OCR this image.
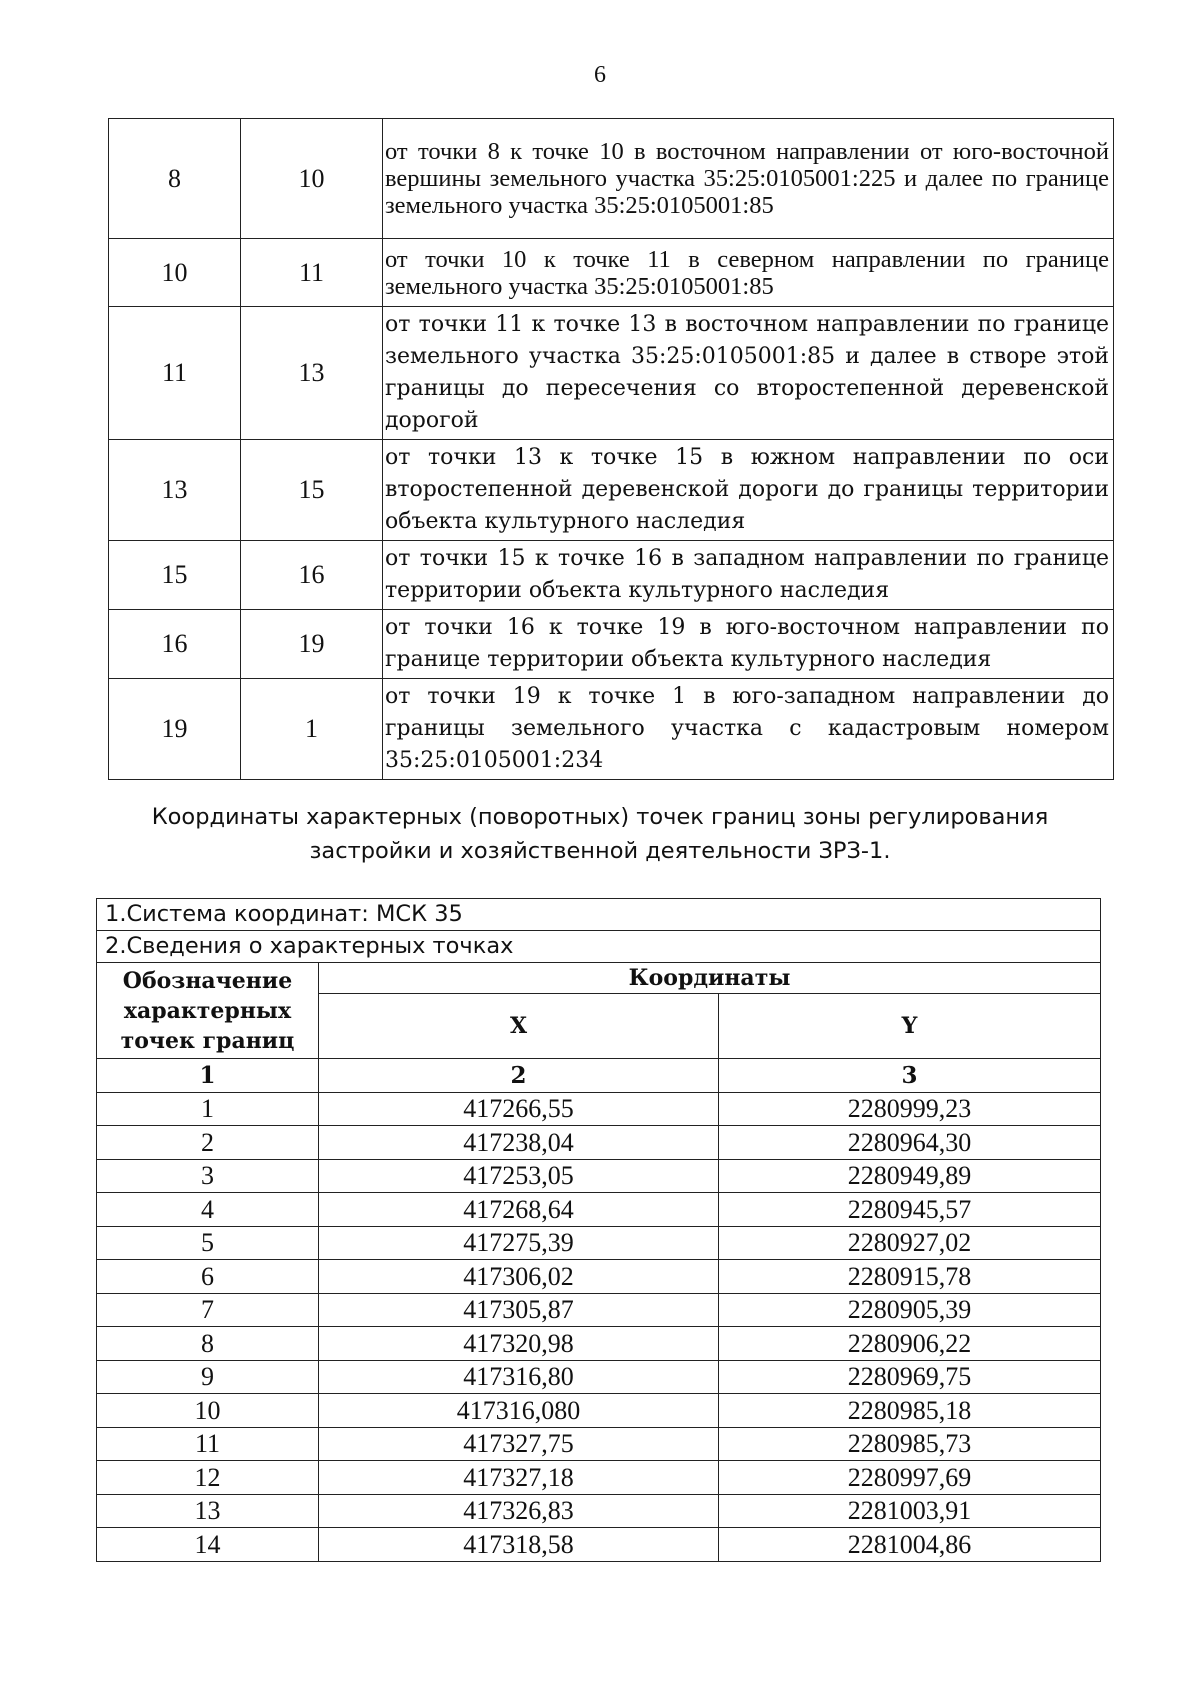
6
8	10	от точки 8 к точке 10 в восточном направлении от юго-восточной вершины земельного участка 35:25:0105001:225 и далее по границе земельного участка 35:25:0105001:85
10	11	от точки 10 к точке 11 в северном направлении по границе земельного участка 35:25:0105001:85
11	13	от точки 11 к точке 13 в восточном направлении по границе земельного участка 35:25:0105001:85 и далее в створе этой границы до пересечения со второстепенной деревенской дорогой
13	15	от точки 13 к точке 15 в южном направлении по оси второстепенной деревенской дороги до границы территории объекта культурного наследия
15	16	от точки 15 к точке 16 в западном направлении по границе территории объекта культурного наследия
16	19	от точки 16 к точке 19 в юго-восточном направлении по границе территории объекта культурного наследия
19	1	от точки 19 к точке 1 в юго-западном направлении до границы земельного участка с кадастровым номером 35:25:0105001:234
Координаты характерных (поворотных) точек границ зоны регулирования
застройки и хозяйственной деятельности ЗРЗ-1.
1.Система координат: МСК 35		
2.Сведения о характерных точках		
Обозначение характерных точек границ	Координаты	
	X	Y
1	2	3
1	417266,55	2280999,23
2	417238,04	2280964,30
3	417253,05	2280949,89
4	417268,64	2280945,57
5	417275,39	2280927,02
6	417306,02	2280915,78
7	417305,87	2280905,39
8	417320,98	2280906,22
9	417316,80	2280969,75
10	417316,080	2280985,18
11	417327,75	2280985,73
12	417327,18	2280997,69
13	417326,83	2281003,91
14	417318,58	2281004,86
